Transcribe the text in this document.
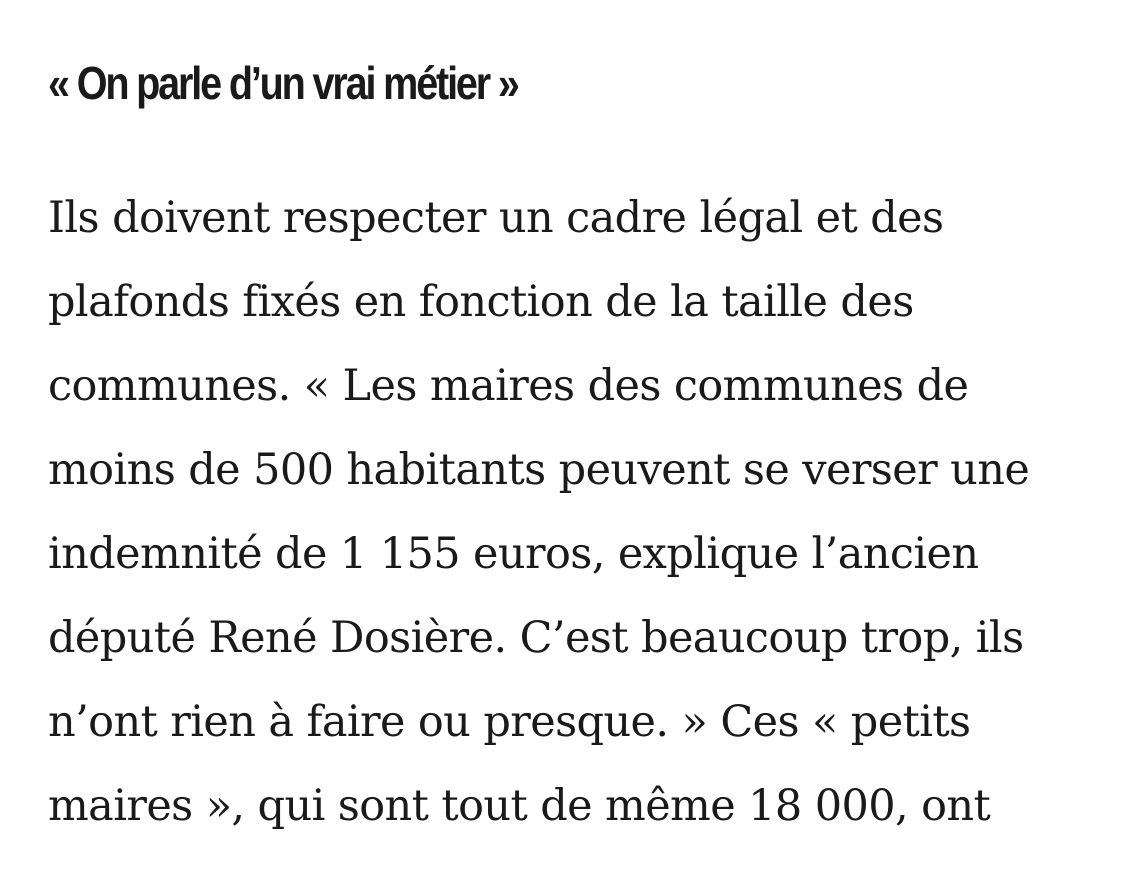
« On parle d’un vrai métier »

Ils doivent respecter un cadre légal et des
plafonds fixés en fonction de la taille des
communes. « Les maires des communes de
moins de 500 habitants peuvent se verser une
indemnité de 1 155 euros, explique l’ancien
député René Dosière. C’est beaucoup trop, ils
n’ont rien à faire ou presque. » Ces « petits
maires », qui sont tout de même 18 000, ont
